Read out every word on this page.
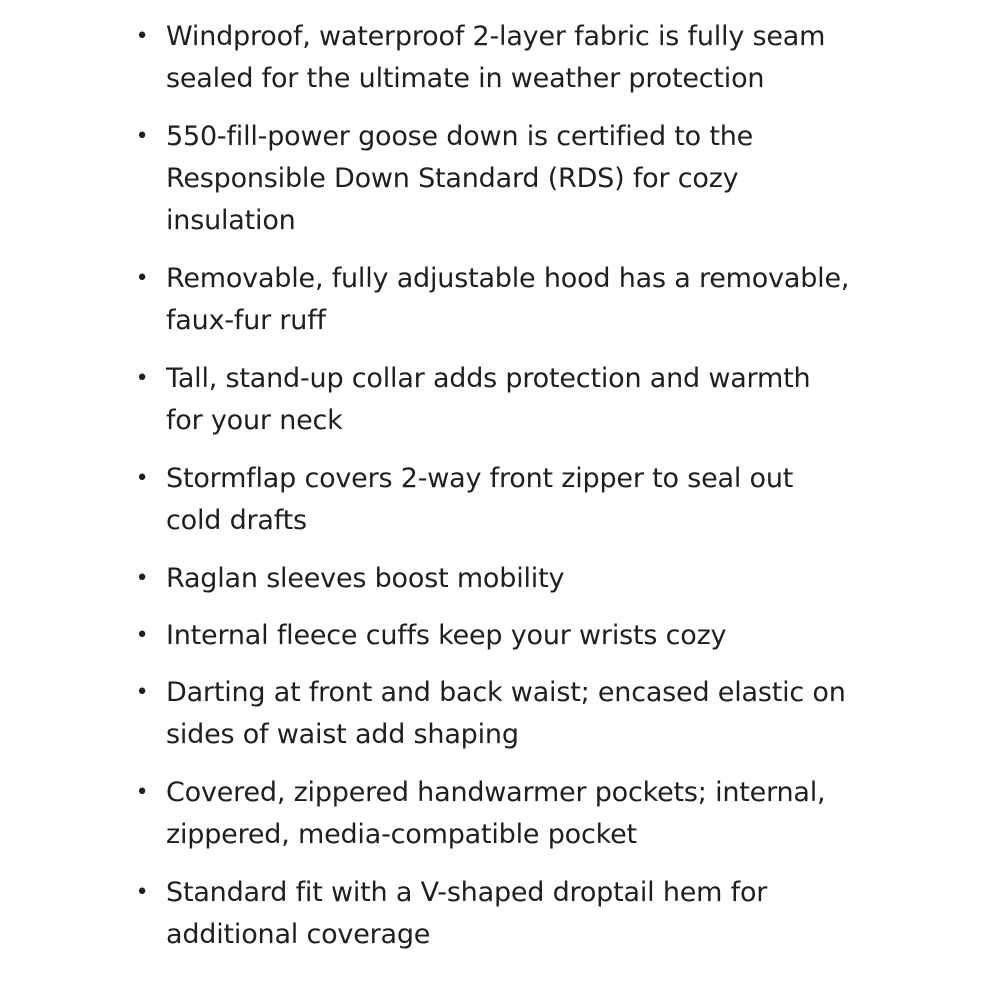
• Windproof, waterproof 2-layer fabric is fully seam sealed for the ultimate in weather protection
• 550-fill-power goose down is certified to the Responsible Down Standard (RDS) for cozy insulation
• Removable, fully adjustable hood has a removable, faux-fur ruff
• Tall, stand-up collar adds protection and warmth for your neck
• Stormflap covers 2-way front zipper to seal out cold drafts
• Raglan sleeves boost mobility
• Internal fleece cuffs keep your wrists cozy
• Darting at front and back waist; encased elastic on sides of waist add shaping
• Covered, zippered handwarmer pockets; internal, zippered, media-compatible pocket
• Standard fit with a V-shaped droptail hem for additional coverage
